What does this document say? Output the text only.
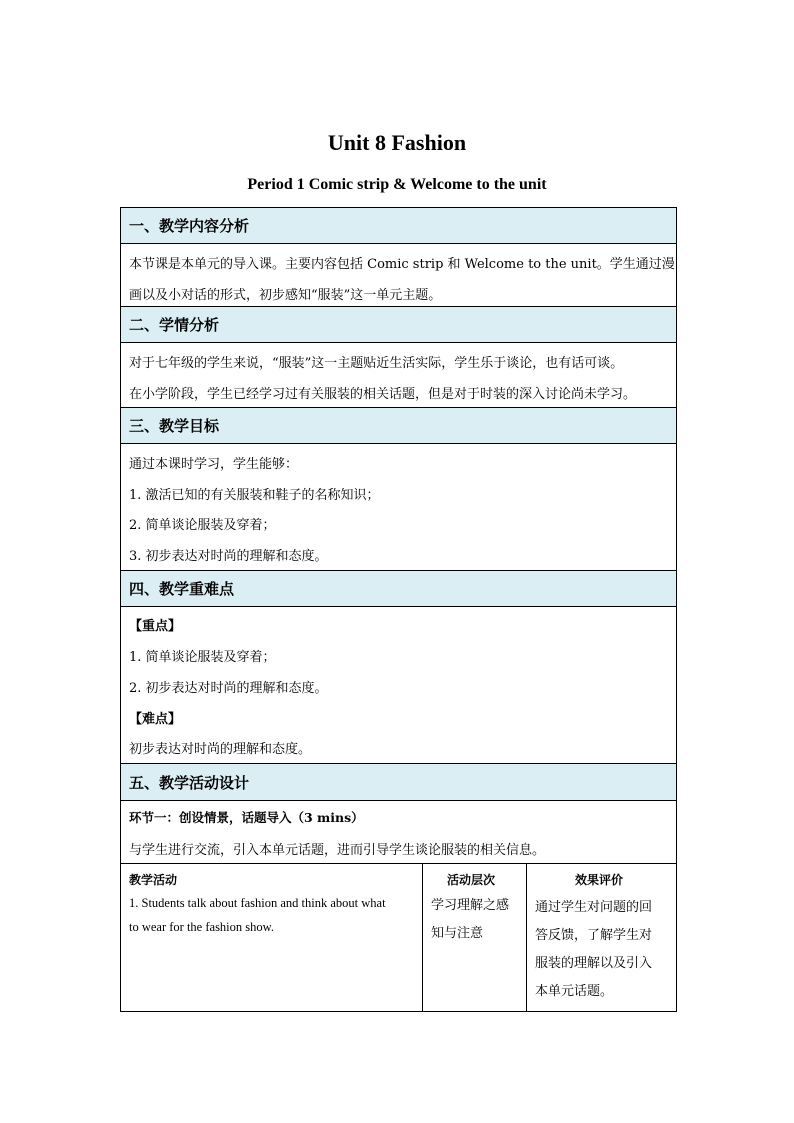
Unit 8 Fashion
Period 1 Comic strip & Welcome to the unit
一、教学内容分析
本节课是本单元的导入课。主要内容包括 Comic strip 和 Welcome to the unit。学生通过漫
画以及小对话的形式，初步感知“服装”这一单元主题。
二、学情分析
对于七年级的学生来说，“服装”这一主题贴近生活实际，学生乐于谈论，也有话可谈。
在小学阶段，学生已经学习过有关服装的相关话题，但是对于时装的深入讨论尚未学习。
三、教学目标
通过本课时学习，学生能够：
1. 激活已知的有关服装和鞋子的名称知识；
2. 简单谈论服装及穿着；
3. 初步表达对时尚的理解和态度。
四、教学重难点
【重点】
1. 简单谈论服装及穿着；
2. 初步表达对时尚的理解和态度。
【难点】
初步表达对时尚的理解和态度。
五、教学活动设计
环节一：创设情景，话题导入（3 mins）
与学生进行交流，引入本单元话题，进而引导学生谈论服装的相关信息。
教学活动
1. Students talk about fashion and think about what
to wear for the fashion show.
活动层次
学习理解之感
知与注意
效果评价
通过学生对问题的回
答反馈，了解学生对
服装的理解以及引入
本单元话题。
